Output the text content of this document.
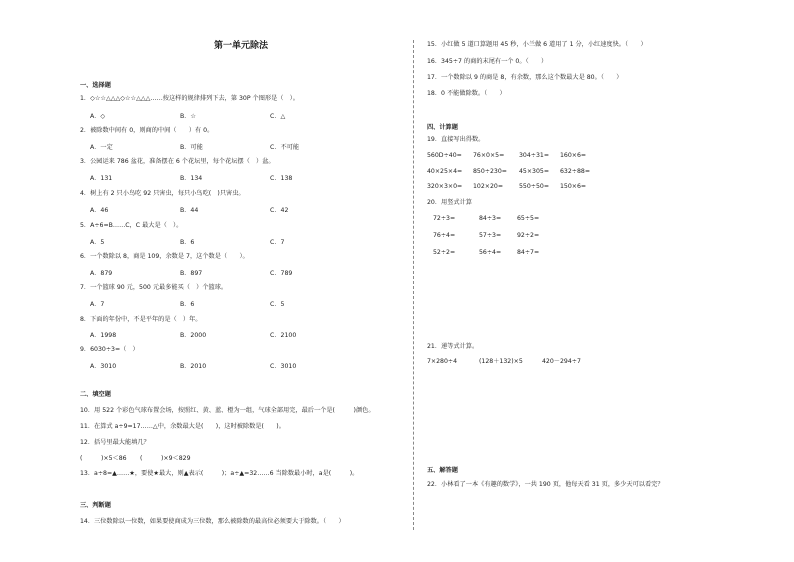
第一单元除法
一、选择题
1．◇☆☆△△△◇☆☆△△△……按这样的规律排列下去，第 30P 个图形是（　）。
A．◇	B．☆	C．△
2．被除数中间有 0，则商的中间（　　）有 0。
A．一定	B．可能	C．不可能
3．公园运来 786 盆花，准备摆在 6 个花坛里，每个花坛摆（　）盆。
A．131	B．134	C．138
4．树上有 2 只小鸟吃 92 只害虫，每只小鸟吃(　)只害虫。
A．46	B．44	C．42
5．A÷6=B……C，C 最大是（　）。
A．5	B．6	C．7
6．一个数除以 8，商是 109，余数是 7，这个数是（　　）。
A．879	B．897	C．789
7．一个篮球 90 元，500 元最多能买（　）个篮球。
A．7	B．6	C．5
8．下面的年份中，不是平年的是（　）年。
A．1998	B．2000	C．2100
9．6030÷3=（　）
A．3010	B．2010	C．3010
二、填空题
10．用 522 个彩色气球布置会场，按照红、黄、蓝、橙为一组，气球全部用完，最后一个是(　　　)颜色。
11．在算式 a÷9=17……△中，余数最大是(　　)，这时被除数是(　　)。
12．括号里最大能填几？
(　　　)×5＜86 (　　　)×9＜829
13．a÷8=▲……★，要使★最大，则▲表示(　　　)；a÷▲=32……6 当除数最小时，a是(　　　)。
三、判断题
14．三位数除以一位数，如果要使商成为三位数，那么被除数的最高位必须要大于除数。（　　）
15．小红做 5 道口算题用 45 秒，小兰做 6 道用了 1 分，小红速度快。（　　）
16．345÷7 的商的末尾有一个 0。（　　）
17．一个数除以 9 的商是 8，有余数，那么这个数最大是 80。（　　）
18．0 不能做除数。（　　）
四、计算题
19．直接写出得数。
560D÷40= 76×0×5= 304÷31= 160×6=
40×25×4= 850÷230= 45×305= 632÷88=
320×3×0= 102×20=	550÷50= 150×6=
20．用竖式计算
72÷3=	84÷3=	65÷5=
76÷4=	57÷3=	92÷2=
52÷2=	56÷4=	84÷7=
21．递等式计算。
7×280÷4	(128＋132)×5	420－294÷7
五、解答题
22．小林看了一本《有趣的数学》，一共 190 页，他每天看 31 页，多少天可以看完？
